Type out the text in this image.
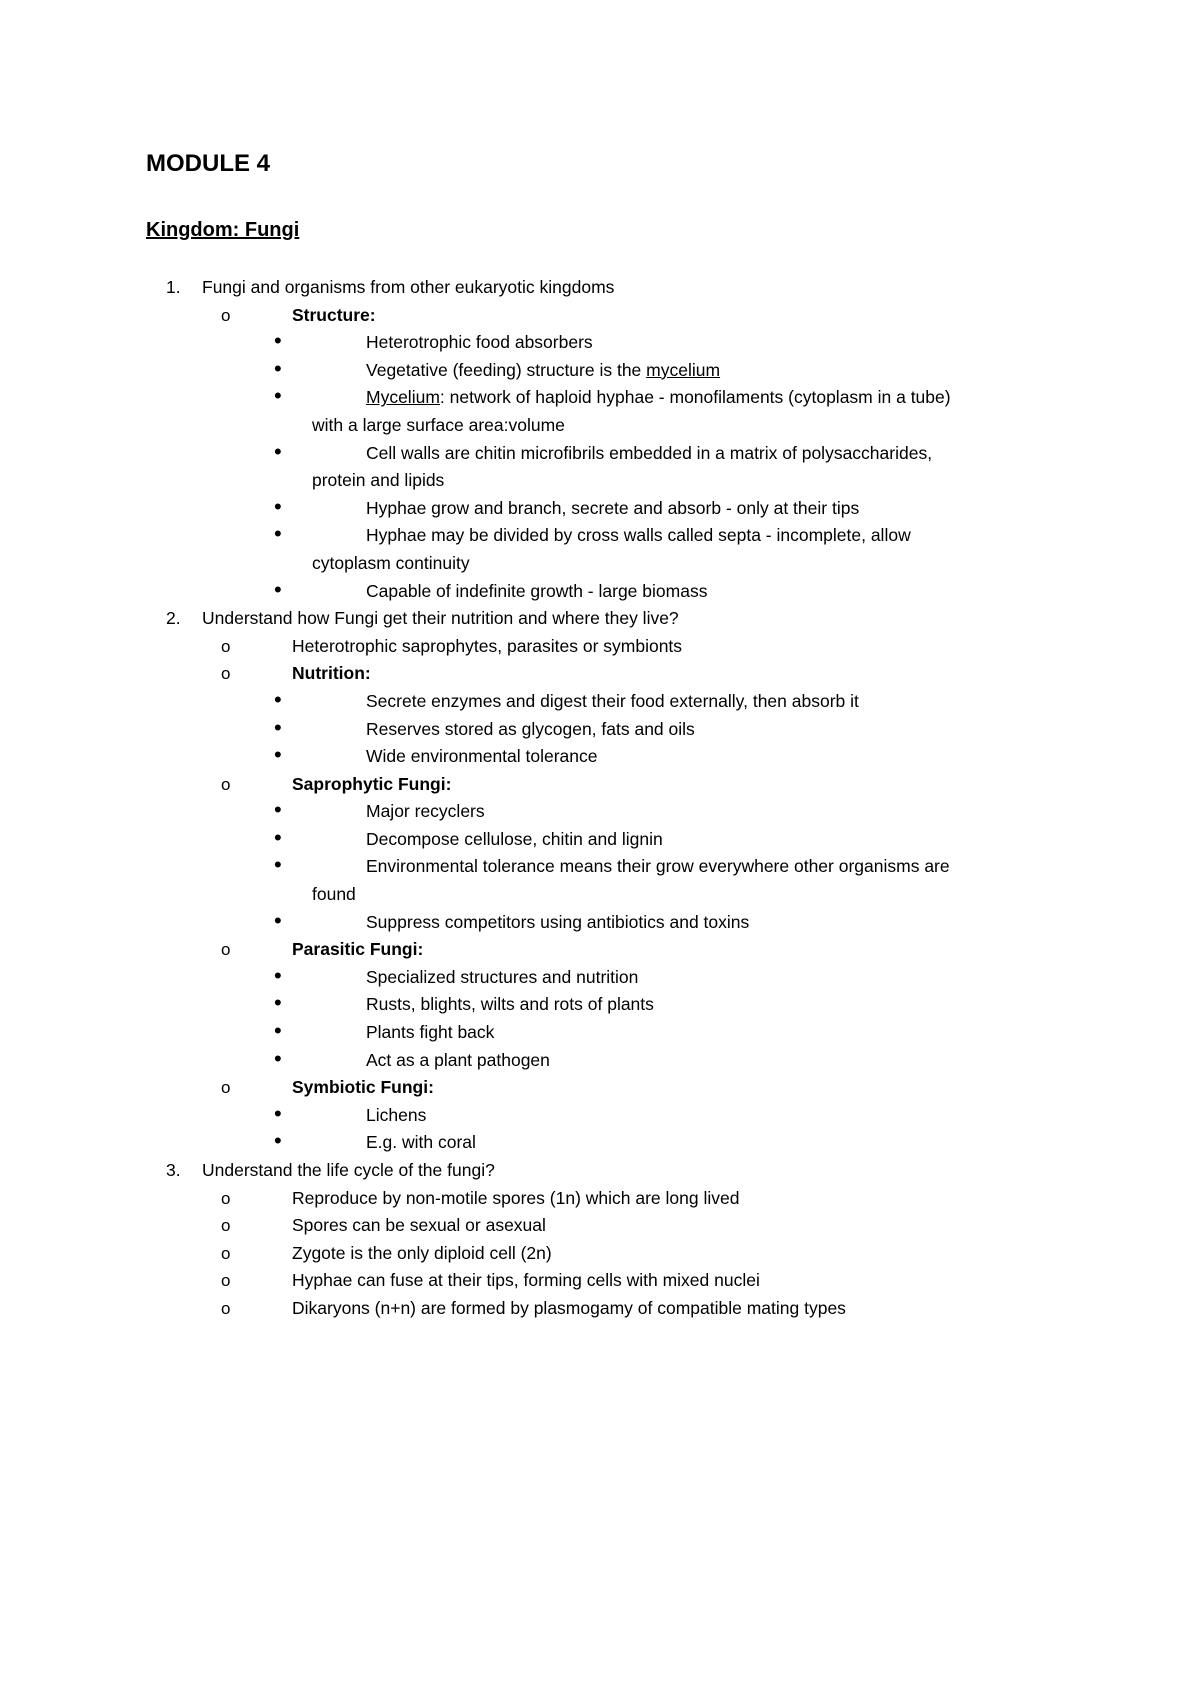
MODULE 4
Kingdom: Fungi
1. Fungi and organisms from other eukaryotic kingdoms
o	Structure:
•	Heterotrophic food absorbers
•	Vegetative (feeding) structure is the mycelium
•	Mycelium: network of haploid hyphae - monofilaments (cytoplasm in a tube)
with a large surface area:volume
•	Cell walls are chitin microfibrils embedded in a matrix of polysaccharides,
protein and lipids
•	Hyphae grow and branch, secrete and absorb - only at their tips
•	Hyphae may be divided by cross walls called septa - incomplete, allow
cytoplasm continuity
•	Capable of indefinite growth - large biomass
2. Understand how Fungi get their nutrition and where they live?
o	Heterotrophic saprophytes, parasites or symbionts
o	Nutrition:
•	Secrete enzymes and digest their food externally, then absorb it
•	Reserves stored as glycogen, fats and oils
•	Wide environmental tolerance
o	Saprophytic Fungi:
•	Major recyclers
•	Decompose cellulose, chitin and lignin
•	Environmental tolerance means their grow everywhere other organisms are
found
•	Suppress competitors using antibiotics and toxins
o	Parasitic Fungi:
•	Specialized structures and nutrition
•	Rusts, blights, wilts and rots of plants
•	Plants fight back
•	Act as a plant pathogen
o	Symbiotic Fungi:
•	Lichens
•	E.g. with coral
3. Understand the life cycle of the fungi?
o	Reproduce by non-motile spores (1n) which are long lived
o	Spores can be sexual or asexual
o	Zygote is the only diploid cell (2n)
o	Hyphae can fuse at their tips, forming cells with mixed nuclei
o	Dikaryons (n+n) are formed by plasmogamy of compatible mating types
